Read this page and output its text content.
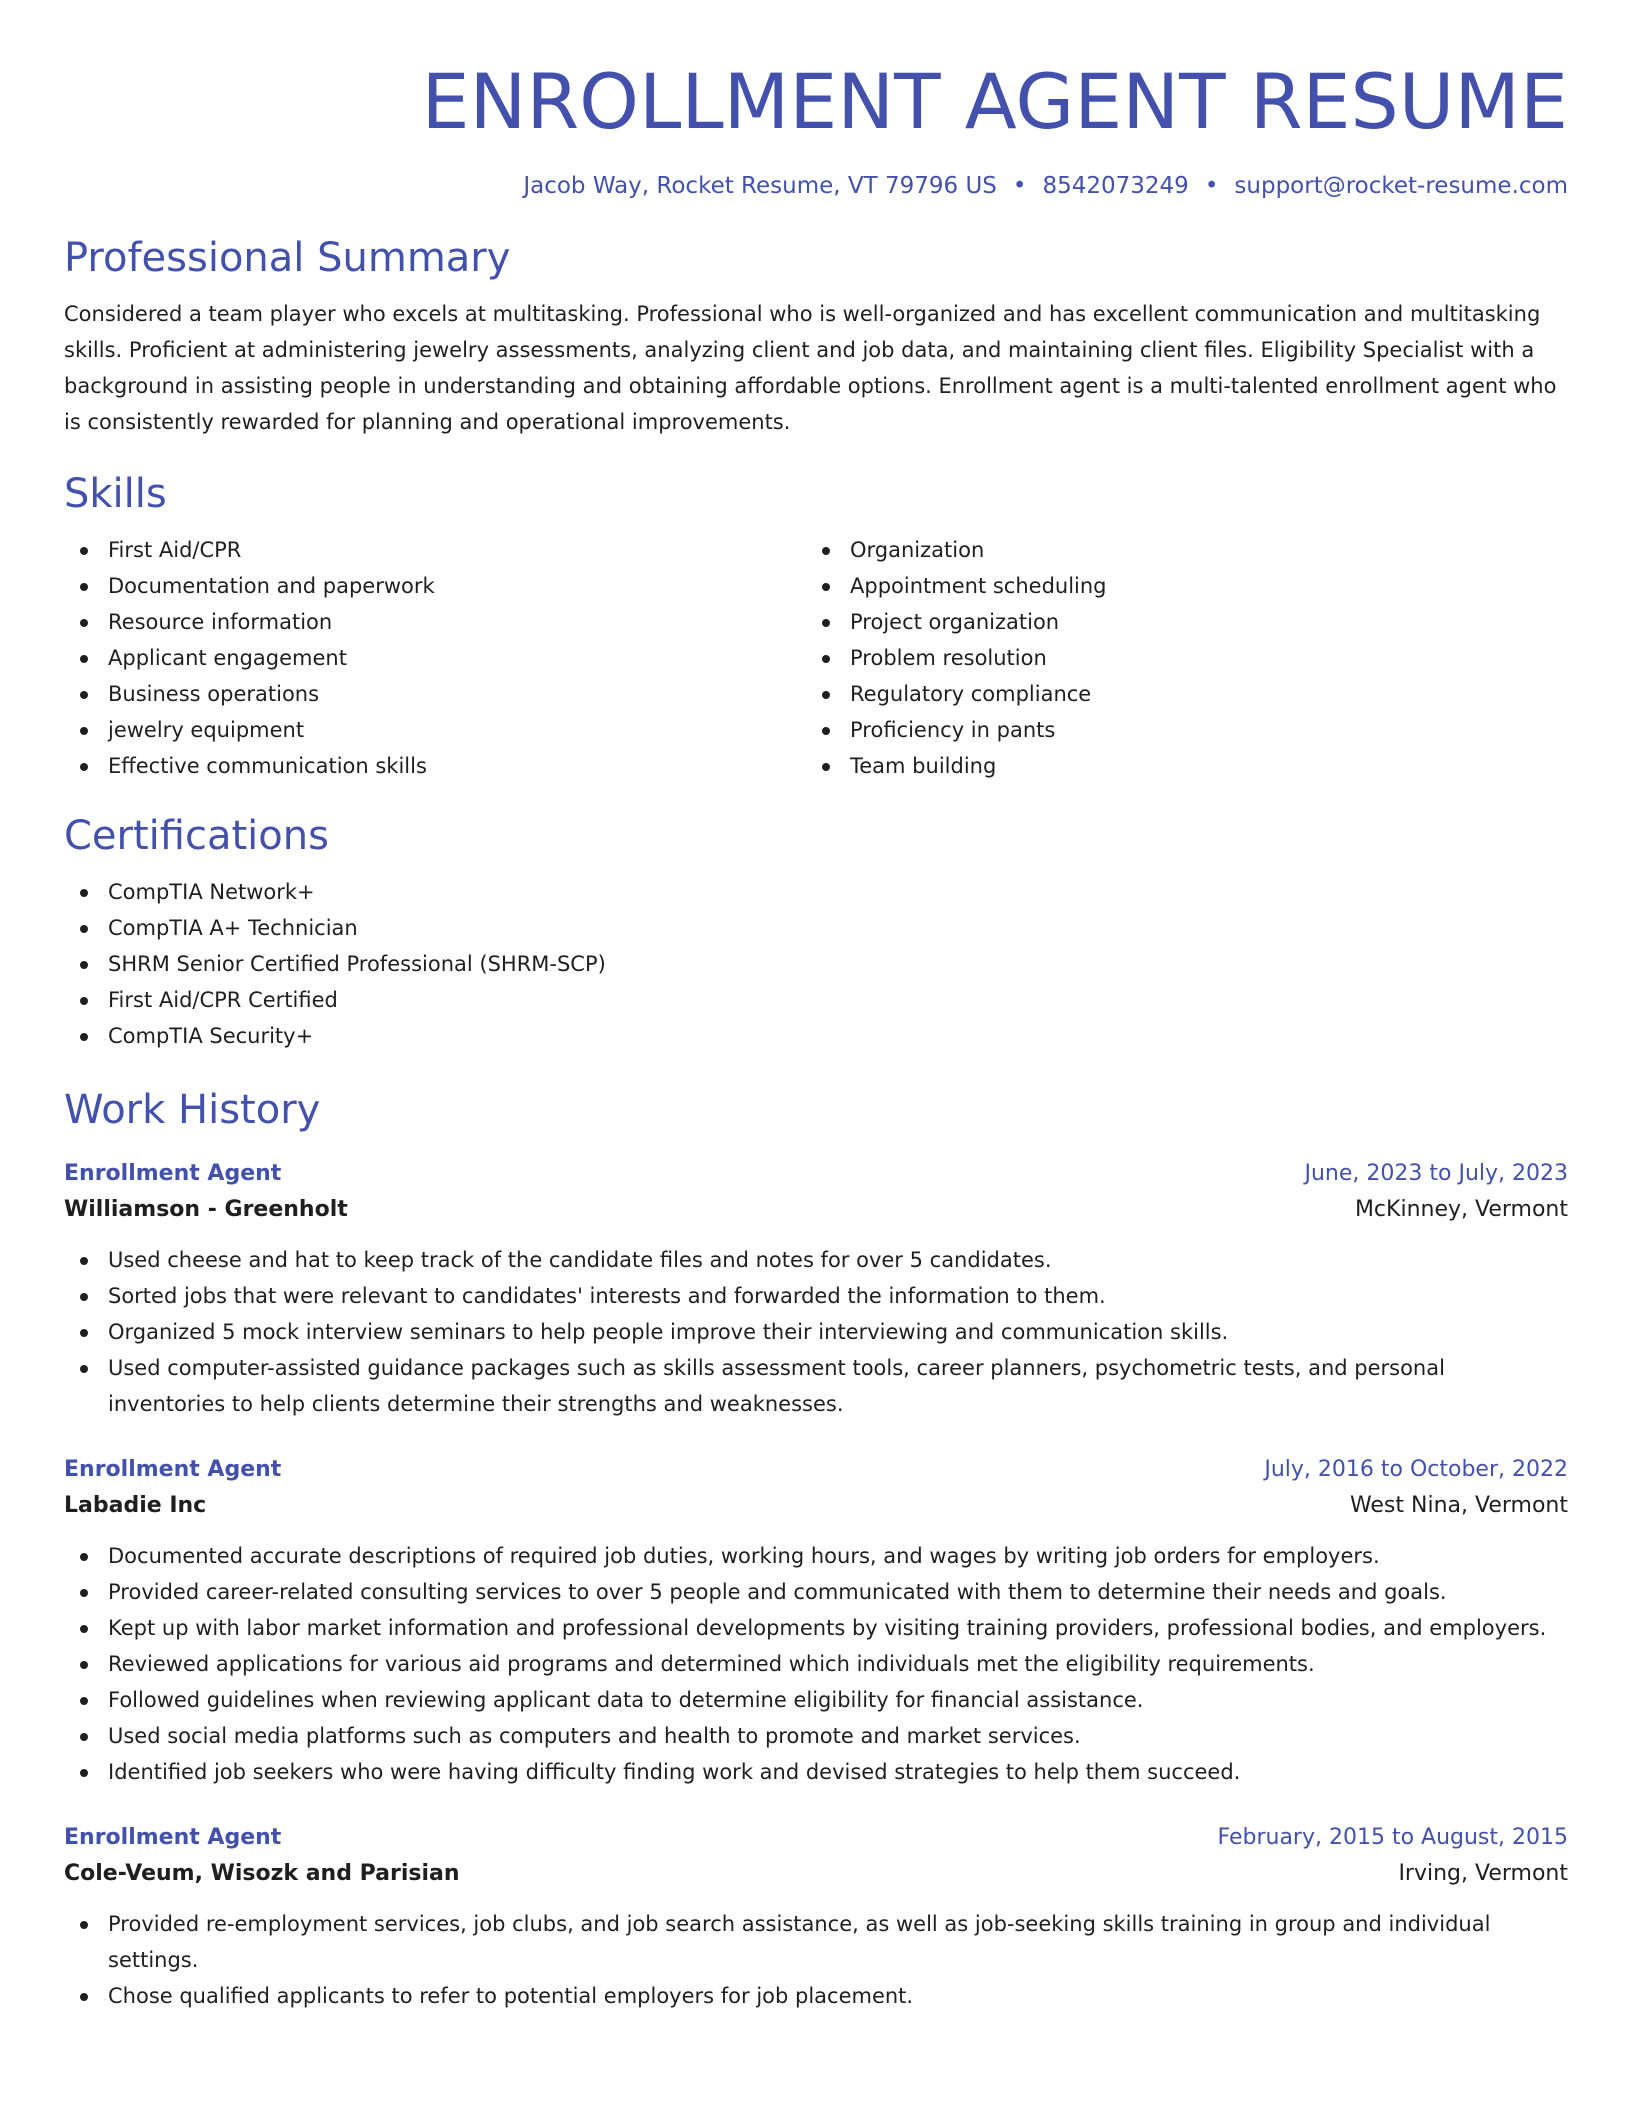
ENROLLMENT AGENT RESUME
Jacob Way, Rocket Resume, VT 79796 US • 8542073249 • support@rocket-resume.com
Professional Summary

Considered a team player who excels at multitasking. Professional who is well-organized and has excellent communication and multitasking skills. Proficient at administering jewelry assessments, analyzing client and job data, and maintaining client files. Eligibility Specialist with a background in assisting people in understanding and obtaining affordable options. Enrollment agent is a multi-talented enrollment agent who is consistently rewarded for planning and operational improvements.

Skills
First Aid/CPR
Documentation and paperwork
Resource information
Applicant engagement
Business operations
jewelry equipment
Effective communication skills
Organization
Appointment scheduling
Project organization
Problem resolution
Regulatory compliance
Proficiency in pants
Team building
Certifications
CompTIA Network+
CompTIA A+ Technician
SHRM Senior Certified Professional (SHRM-SCP)
First Aid/CPR Certified
CompTIA Security+
Work History
Enrollment Agent	June, 2023 to July, 2023
Williamson - Greenholt	McKinney, Vermont
Used cheese and hat to keep track of the candidate files and notes for over 5 candidates.
Sorted jobs that were relevant to candidates' interests and forwarded the information to them.
Organized 5 mock interview seminars to help people improve their interviewing and communication skills.
Used computer-assisted guidance packages such as skills assessment tools, career planners, psychometric tests, and personal inventories to help clients determine their strengths and weaknesses.
Enrollment Agent	July, 2016 to October, 2022
Labadie Inc	West Nina, Vermont
Documented accurate descriptions of required job duties, working hours, and wages by writing job orders for employers.
Provided career-related consulting services to over 5 people and communicated with them to determine their needs and goals.
Kept up with labor market information and professional developments by visiting training providers, professional bodies, and employers.
Reviewed applications for various aid programs and determined which individuals met the eligibility requirements.
Followed guidelines when reviewing applicant data to determine eligibility for financial assistance.
Used social media platforms such as computers and health to promote and market services.
Identified job seekers who were having difficulty finding work and devised strategies to help them succeed.
Enrollment Agent	February, 2015 to August, 2015
Cole-Veum, Wisozk and Parisian	Irving, Vermont
Provided re-employment services, job clubs, and job search assistance, as well as job-seeking skills training in group and individual settings.
Chose qualified applicants to refer to potential employers for job placement.
